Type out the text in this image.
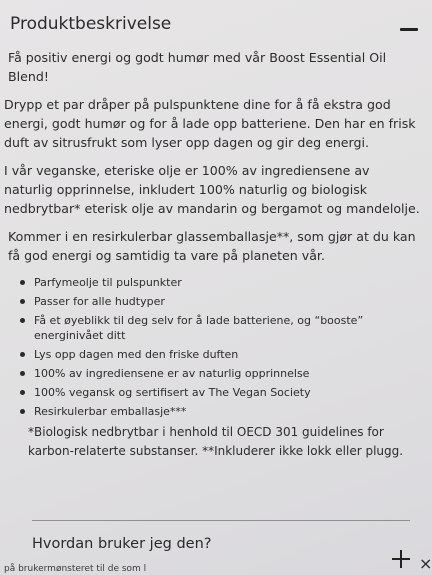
Produktbeskrivelse

Få positiv energi og godt humør med vår Boost Essential Oil Blend!

Drypp et par dråper på pulspunktene dine for å få ekstra god energi, godt humør og for å lade opp batteriene. Den har en frisk duft av sitrusfrukt som lyser opp dagen og gir deg energi.

I vår veganske, eteriske olje er 100% av ingrediensene av naturlig opprinnelse, inkludert 100% naturlig og biologisk nedbrytbar* eterisk olje av mandarin og bergamot og mandelolje.

Kommer i en resirkulerbar glassemballasje**, som gjør at du kan få god energi og samtidig ta vare på planeten vår.

Parfymeolje til pulspunkter
Passer for alle hudtyper
Få et øyeblikk til deg selv for å lade batteriene, og “booste” energinivået ditt
Lys opp dagen med den friske duften
100% av ingrediensene er av naturlig opprinnelse
100% vegansk og sertifisert av The Vegan Society
Resirkulerbar emballasje***

*Biologisk nedbrytbar i henhold til OECD 301 guidelines for karbon-relaterte substanser. **Inkluderer ikke lokk eller plugg.

Hvordan bruker jeg den?
×
på brukermønsteret til de som l
